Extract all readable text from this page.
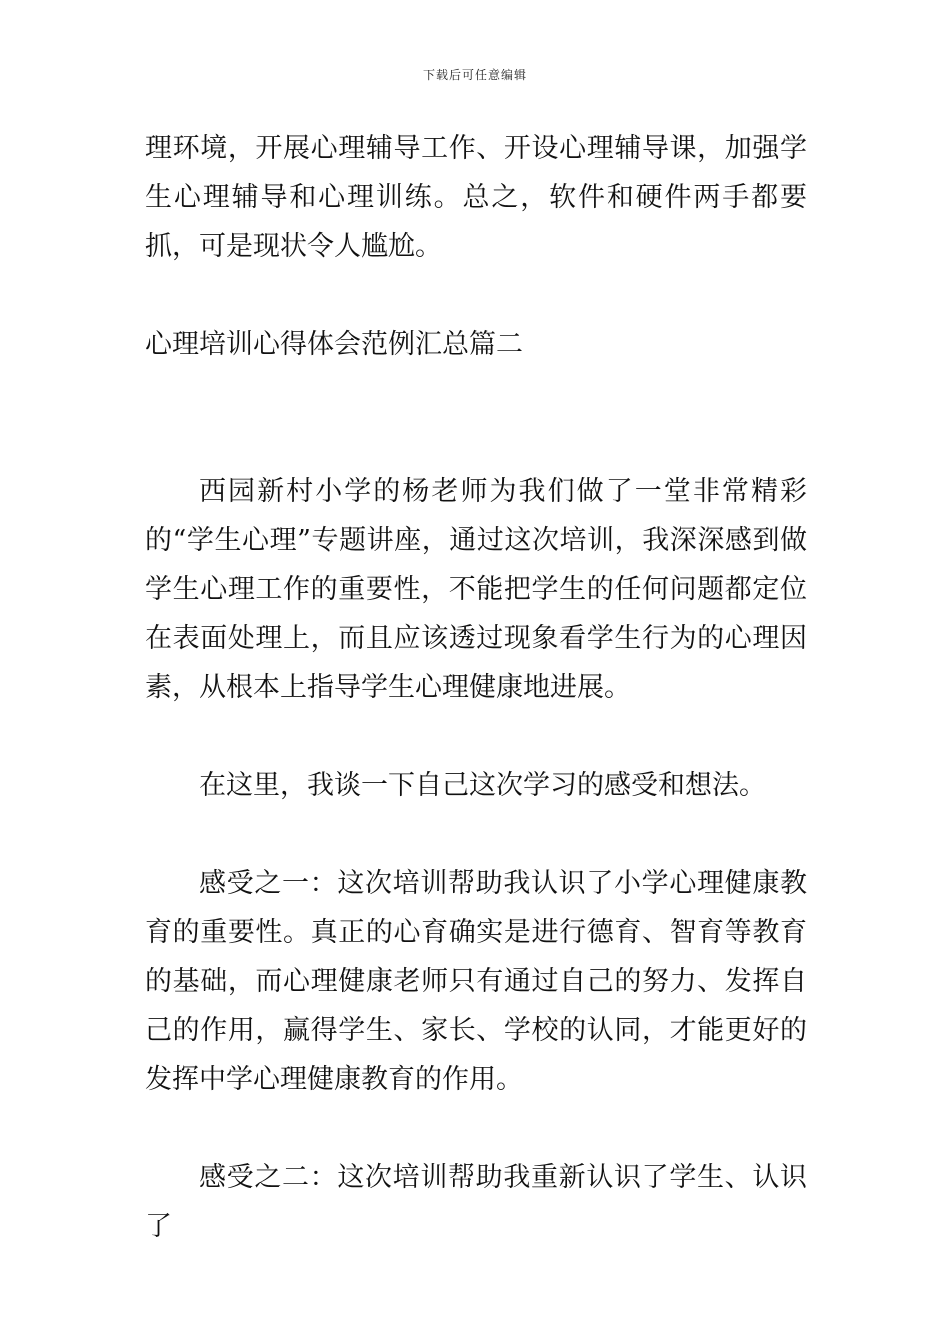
下载后可任意编辑

理环境，开展心理辅导工作、开设心理辅导课，加强学生心理辅导和心理训练。总之，软件和硬件两手都要抓，可是现状令人尴尬。

心理培训心得体会范例汇总篇二

西园新村小学的杨老师为我们做了一堂非常精彩的“学生心理”专题讲座，通过这次培训，我深深感到做学生心理工作的重要性，不能把学生的任何问题都定位在表面处理上，而且应该透过现象看学生行为的心理因素，从根本上指导学生心理健康地进展。

在这里，我谈一下自己这次学习的感受和想法。

感受之一：这次培训帮助我认识了小学心理健康教育的重要性。真正的心育确实是进行德育、智育等教育的基础，而心理健康老师只有通过自己的努力、发挥自己的作用，赢得学生、家长、学校的认同，才能更好的发挥中学心理健康教育的作用。

感受之二：这次培训帮助我重新认识了学生、认识了
